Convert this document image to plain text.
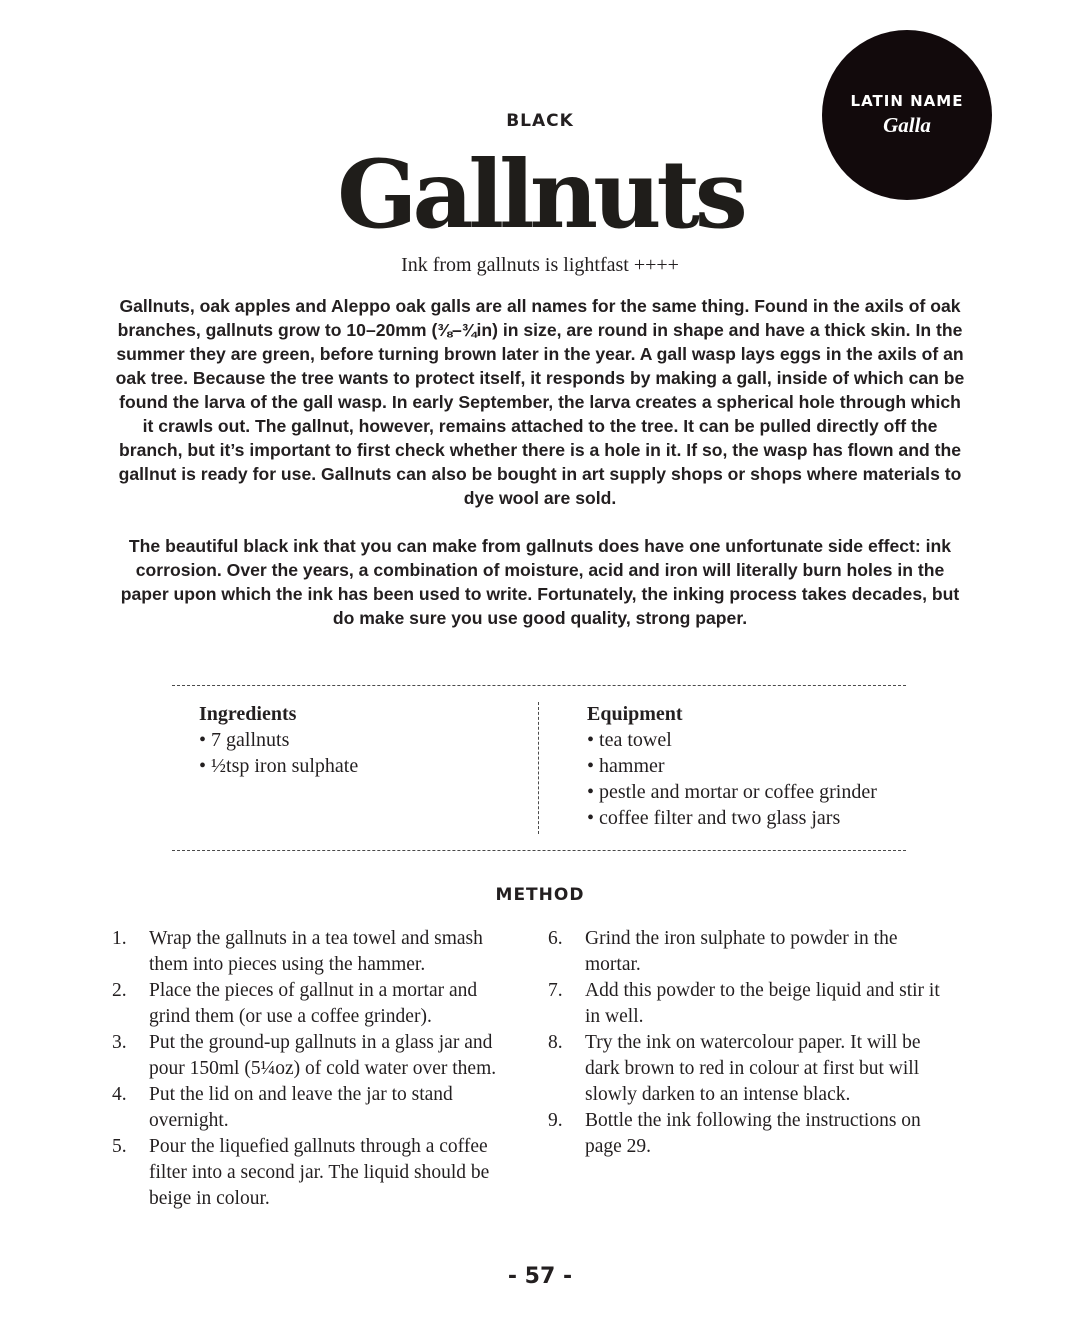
LATIN NAME
Galla
BLACK
Gallnuts
Ink from gallnuts is lightfast ++++

Gallnuts, oak apples and Aleppo oak galls are all names for the same thing. Found in the axils of oak branches, gallnuts grow to 10–20mm (⅜–¾in) in size, are round in shape and have a thick skin. In the summer they are green, before turning brown later in the year. A gall wasp lays eggs in the axils of an oak tree. Because the tree wants to protect itself, it responds by making a gall, inside of which can be found the larva of the gall wasp. In early September, the larva creates a spherical hole through which it crawls out. The gallnut, however, remains attached to the tree. It can be pulled directly off the branch, but it’s important to first check whether there is a hole in it. If so, the wasp has flown and the gallnut is ready for use. Gallnuts can also be bought in art supply shops or shops where materials to dye wool are sold.

The beautiful black ink that you can make from gallnuts does have one unfortunate side effect: ink corrosion. Over the years, a combination of moisture, acid and iron will literally burn holes in the paper upon which the ink has been used to write. Fortunately, the inking process takes decades, but do make sure you use good quality, strong paper.

Ingredients
• 7 gallnuts
• ½tsp iron sulphate
Equipment
• tea towel
• hammer
• pestle and mortar or coffee grinder
• coffee filter and two glass jars
METHOD
1. Wrap the gallnuts in a tea towel and smash them into pieces using the hammer.
2. Place the pieces of gallnut in a mortar and grind them (or use a coffee grinder).
3. Put the ground-up gallnuts in a glass jar and pour 150ml (5¼oz) of cold water over them.
4. Put the lid on and leave the jar to stand overnight.
5. Pour the liquefied gallnuts through a coffee filter into a second jar. The liquid should be beige in colour.
6. Grind the iron sulphate to powder in the mortar.
7. Add this powder to the beige liquid and stir it in well.
8. Try the ink on watercolour paper. It will be dark brown to red in colour at first but will slowly darken to an intense black.
9. Bottle the ink following the instructions on page 29.
- 57 -
